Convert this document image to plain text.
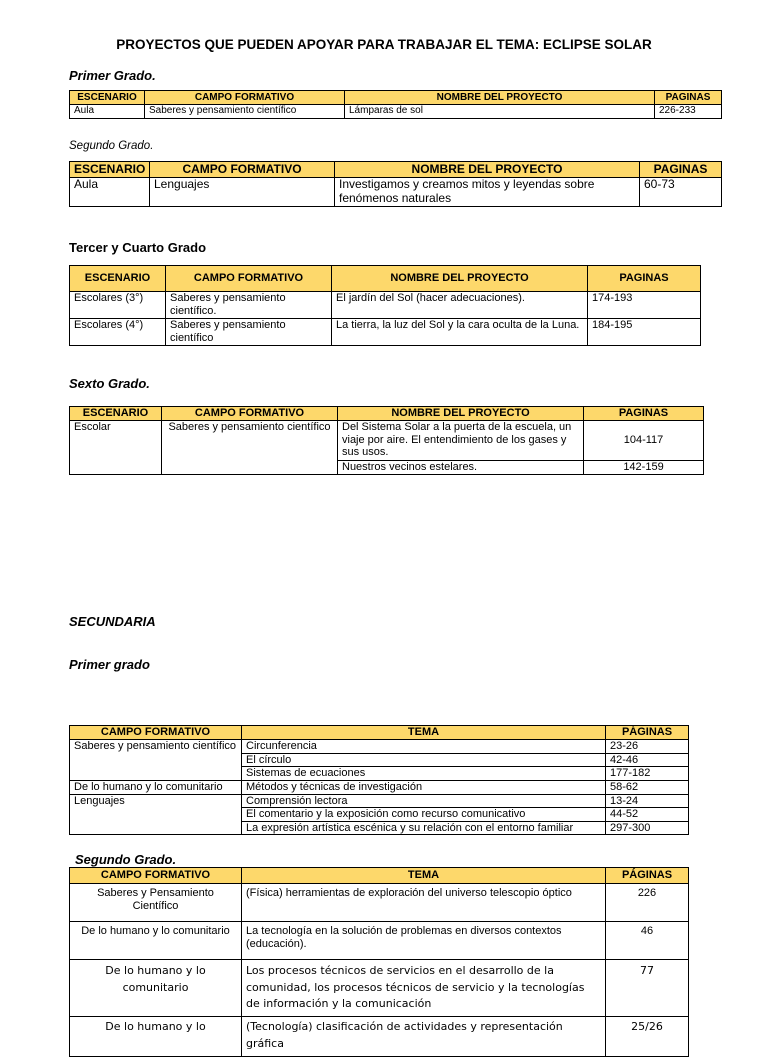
PROYECTOS QUE PUEDEN APOYAR PARA TRABAJAR EL TEMA: ECLIPSE SOLAR
Primer Grado.
ESCENARIO	CAMPO FORMATIVO	NOMBRE DEL PROYECTO	PAGINAS
Aula	Saberes y pensamiento científico	Lámparas de sol	226-233
Segundo Grado.
ESCENARIO	CAMPO FORMATIVO	NOMBRE DEL PROYECTO	PAGINAS
Aula	Lenguajes	Investigamos y creamos mitos y leyendas sobre fenómenos naturales	60-73
Tercer y Cuarto Grado
ESCENARIO	CAMPO FORMATIVO	NOMBRE DEL PROYECTO	PAGINAS
Escolares (3°)	Saberes y pensamiento científico.	El jardín del Sol (hacer adecuaciones).	174-193
Escolares (4°)	Saberes y pensamiento científico	La tierra, la luz del Sol y la cara oculta de la Luna.	184-195
Sexto Grado.
ESCENARIO	CAMPO FORMATIVO	NOMBRE DEL PROYECTO	PAGINAS
Escolar	Saberes y pensamiento científico	Del Sistema Solar a la puerta de la escuela, un viaje por aire. El entendimiento de los gases y sus usos.	104-117
		Nuestros vecinos estelares.	142-159
SECUNDARIA
Primer grado
CAMPO FORMATIVO	TEMA	PÁGINAS
Saberes y pensamiento científico	Circunferencia	23-26
	El círculo	42-46
	Sistemas de ecuaciones	177-182
De lo humano y lo comunitario	Métodos y técnicas de investigación	58-62
Lenguajes	Comprensión lectora	13-24
	El comentario y la exposición como recurso comunicativo	44-52
	La expresión artística escénica y su relación con el entorno familiar	297-300
Segundo Grado.
CAMPO FORMATIVO	TEMA	PÁGINAS
Saberes y Pensamiento Científico	(Física) herramientas de exploración del universo telescopio óptico	226
De lo humano y lo comunitario	La tecnología en la solución de problemas en diversos contextos (educación).	46
De lo humano y lo comunitario	Los procesos técnicos de servicios en el desarrollo de la comunidad, los procesos técnicos de servicio y la tecnologías de información y la comunicación	77
De lo humano y lo	(Tecnología) clasificación de actividades y representación gráfica	25/26
